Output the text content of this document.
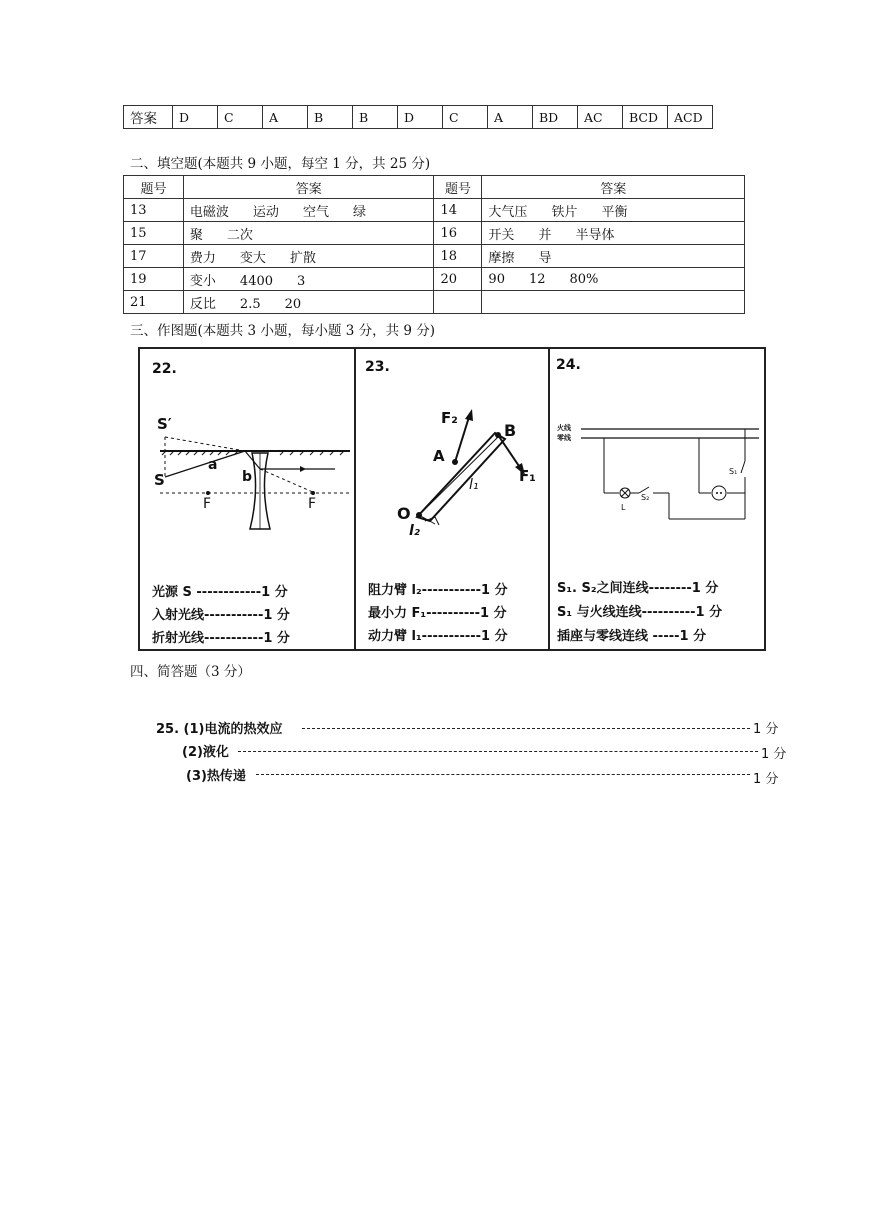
答案	D	C	A	B	B	D	C	A	BD	AC	BCD	ACD
二、填空题(本题共 9 小题，每空 1 分，共 25 分)
题号	答案	题号	答案
13	电磁波 运动 空气 绿	14	大气压 铁片 平衡
15	聚 二次	16	开关 并 半导体
17	费力 变大 扩散	18	摩擦 导
19	变小 4400 3	20	90 12 80%
21	反比 2.5 20		
三、作图题(本题共 3 小题，每小题 3 分，共 9 分)
22.
S′
S
a
b
F	F
光源 S ------------1 分
入射光线-----------1 分
折射光线-----------1 分
23.
F₂
B
A
l₁	F₁
O
l₂
阻力臂 l₂-----------1 分
最小力 F₁----------1 分
动力臂 l₁-----------1 分
24.
火线
零线
S₁
S₂
L
S₁. S₂之间连线--------1 分
S₁ 与火线连线----------1 分
插座与零线连线 -----1 分
四、简答题（3 分）
25. (1)电流的热效应	1 分
(2)液化	1 分
(3)热传递	1 分
